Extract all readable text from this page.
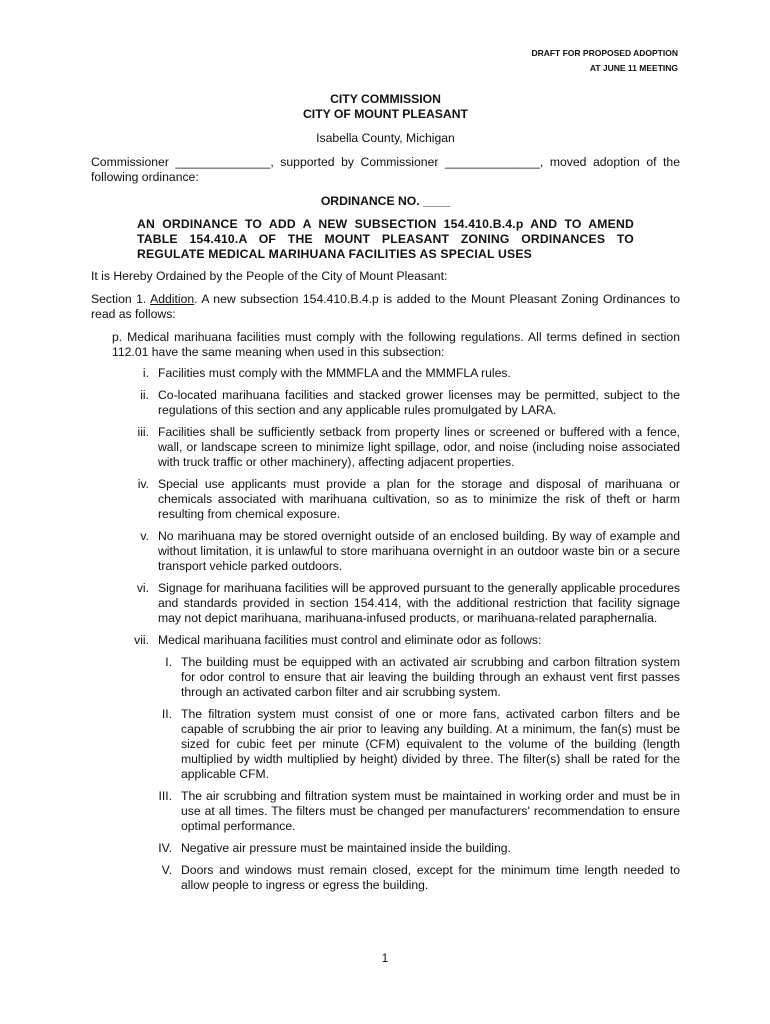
DRAFT FOR PROPOSED ADOPTION
AT JUNE 11 MEETING
CITY COMMISSION
CITY OF MOUNT PLEASANT
Isabella County, Michigan
Commissioner ______________, supported by Commissioner ______________, moved adoption of the following ordinance:
ORDINANCE NO. ____
AN ORDINANCE TO ADD A NEW SUBSECTION 154.410.B.4.p AND TO AMEND TABLE 154.410.A OF THE MOUNT PLEASANT ZONING ORDINANCES TO REGULATE MEDICAL MARIHUANA FACILITIES AS SPECIAL USES
It is Hereby Ordained by the People of the City of Mount Pleasant:
Section 1. Addition. A new subsection 154.410.B.4.p is added to the Mount Pleasant Zoning Ordinances to read as follows:
p. Medical marihuana facilities must comply with the following regulations. All terms defined in section 112.01 have the same meaning when used in this subsection:
i. Facilities must comply with the MMMFLA and the MMMFLA rules.
ii. Co-located marihuana facilities and stacked grower licenses may be permitted, subject to the regulations of this section and any applicable rules promulgated by LARA.
iii. Facilities shall be sufficiently setback from property lines or screened or buffered with a fence, wall, or landscape screen to minimize light spillage, odor, and noise (including noise associated with truck traffic or other machinery), affecting adjacent properties.
iv. Special use applicants must provide a plan for the storage and disposal of marihuana or chemicals associated with marihuana cultivation, so as to minimize the risk of theft or harm resulting from chemical exposure.
v. No marihuana may be stored overnight outside of an enclosed building. By way of example and without limitation, it is unlawful to store marihuana overnight in an outdoor waste bin or a secure transport vehicle parked outdoors.
vi. Signage for marihuana facilities will be approved pursuant to the generally applicable procedures and standards provided in section 154.414, with the additional restriction that facility signage may not depict marihuana, marihuana-infused products, or marihuana-related paraphernalia.
vii. Medical marihuana facilities must control and eliminate odor as follows:
I. The building must be equipped with an activated air scrubbing and carbon filtration system for odor control to ensure that air leaving the building through an exhaust vent first passes through an activated carbon filter and air scrubbing system.
II. The filtration system must consist of one or more fans, activated carbon filters and be capable of scrubbing the air prior to leaving any building. At a minimum, the fan(s) must be sized for cubic feet per minute (CFM) equivalent to the volume of the building (length multiplied by width multiplied by height) divided by three. The filter(s) shall be rated for the applicable CFM.
III. The air scrubbing and filtration system must be maintained in working order and must be in use at all times. The filters must be changed per manufacturers' recommendation to ensure optimal performance.
IV. Negative air pressure must be maintained inside the building.
V. Doors and windows must remain closed, except for the minimum time length needed to allow people to ingress or egress the building.
1
